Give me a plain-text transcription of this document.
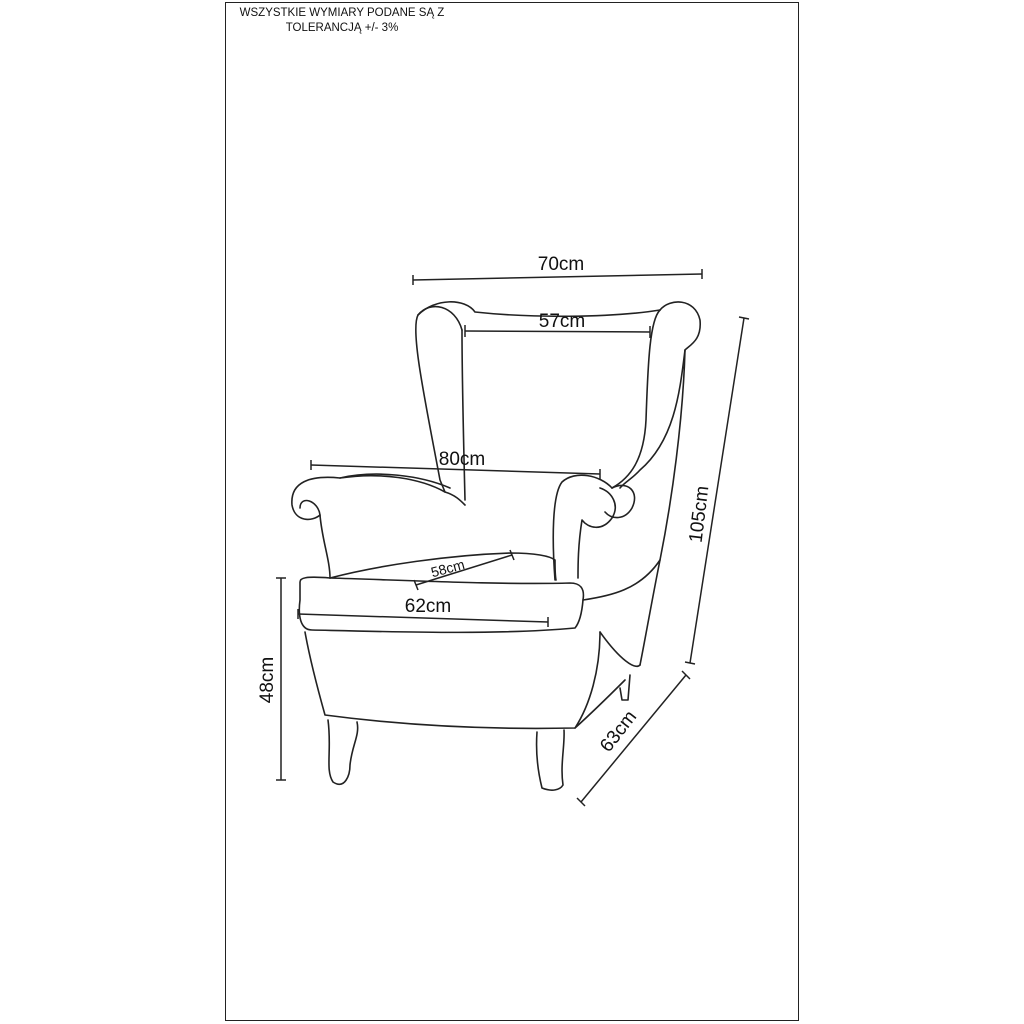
WSZYSTKIE WYMIARY PODANE SĄ Z
TOLERANCJĄ +/- 3%
70cm
57cm
80cm
58cm
62cm
48cm
105cm
63cm
